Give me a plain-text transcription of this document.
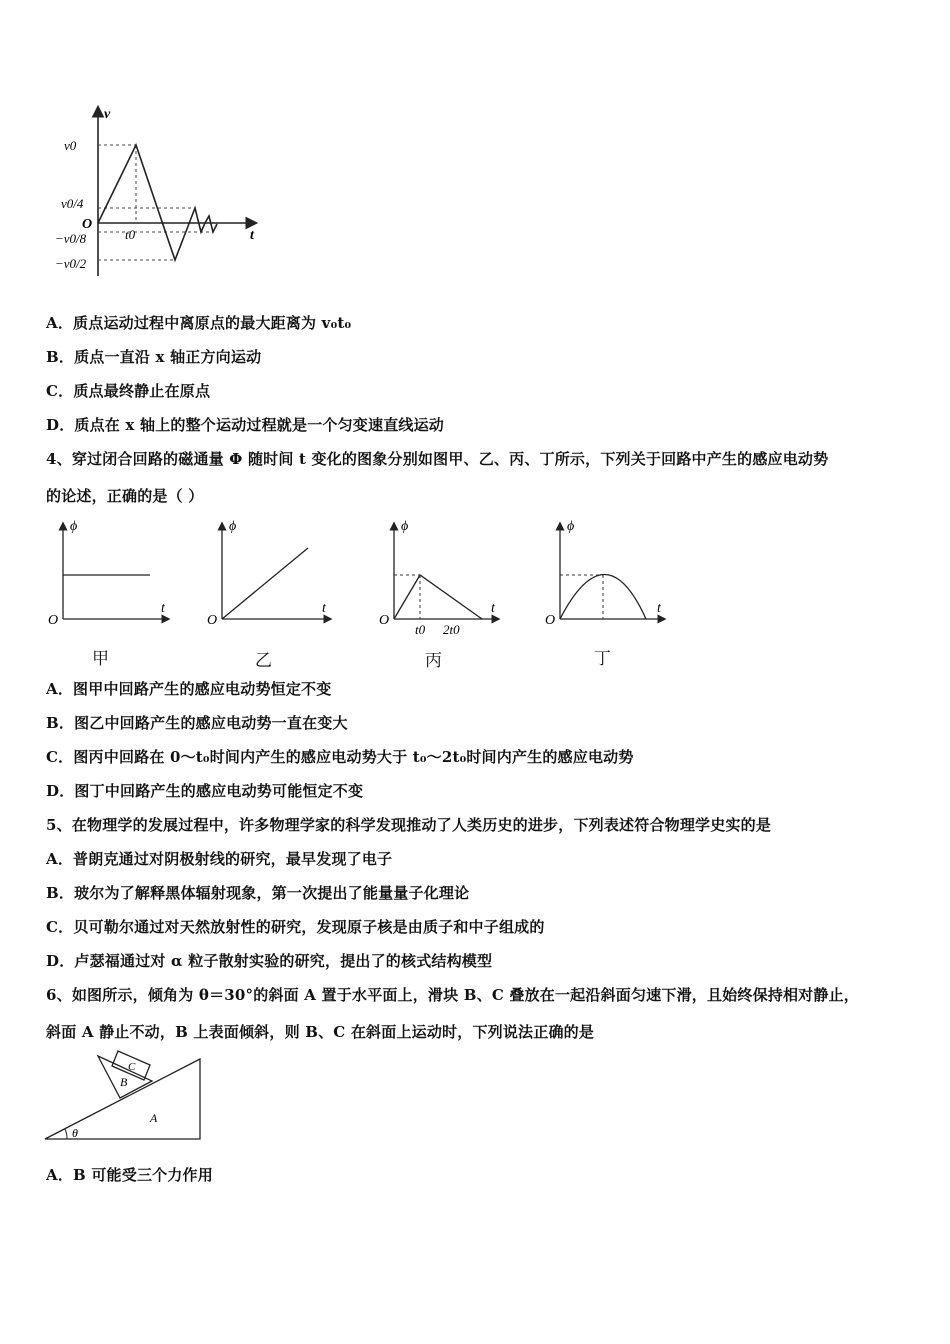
v
t
O
v0
v0/4
−v0/8
−v0/2
t0
A．质点运动过程中离原点的最大距离为 v₀t₀
B．质点一直沿 x 轴正方向运动
C．质点最终静止在原点
D．质点在 x 轴上的整个运动过程就是一个匀变速直线运动
4、穿过闭合回路的磁通量 Φ 随时间 t 变化的图象分别如图甲、乙、丙、丁所示，下列关于回路中产生的感应电动势
的论述，正确的是（ ）
ϕ
t
O
ϕ
t
O
ϕ
t
O
t0 2t0
ϕ
t
O
甲	乙	丙	丁
A．图甲中回路产生的感应电动势恒定不变
B．图乙中回路产生的感应电动势一直在变大
C．图丙中回路在 0～t₀时间内产生的感应电动势大于 t₀～2t₀时间内产生的感应电动势
D．图丁中回路产生的感应电动势可能恒定不变
5、在物理学的发展过程中，许多物理学家的科学发现推动了人类历史的进步，下列表述符合物理学史实的是
A．普朗克通过对阴极射线的研究，最早发现了电子
B．玻尔为了解释黑体辐射现象，第一次提出了能量量子化理论
C．贝可勒尔通过对天然放射性的研究，发现原子核是由质子和中子组成的
D．卢瑟福通过对 α 粒子散射实验的研究，提出了的核式结构模型
6、如图所示，倾角为 θ＝30°的斜面 A 置于水平面上，滑块 B、C 叠放在一起沿斜面匀速下滑，且始终保持相对静止，
斜面 A 静止不动，B 上表面倾斜，则 B、C 在斜面上运动时，下列说法正确的是
A
B
C
θ
A．B 可能受三个力作用
